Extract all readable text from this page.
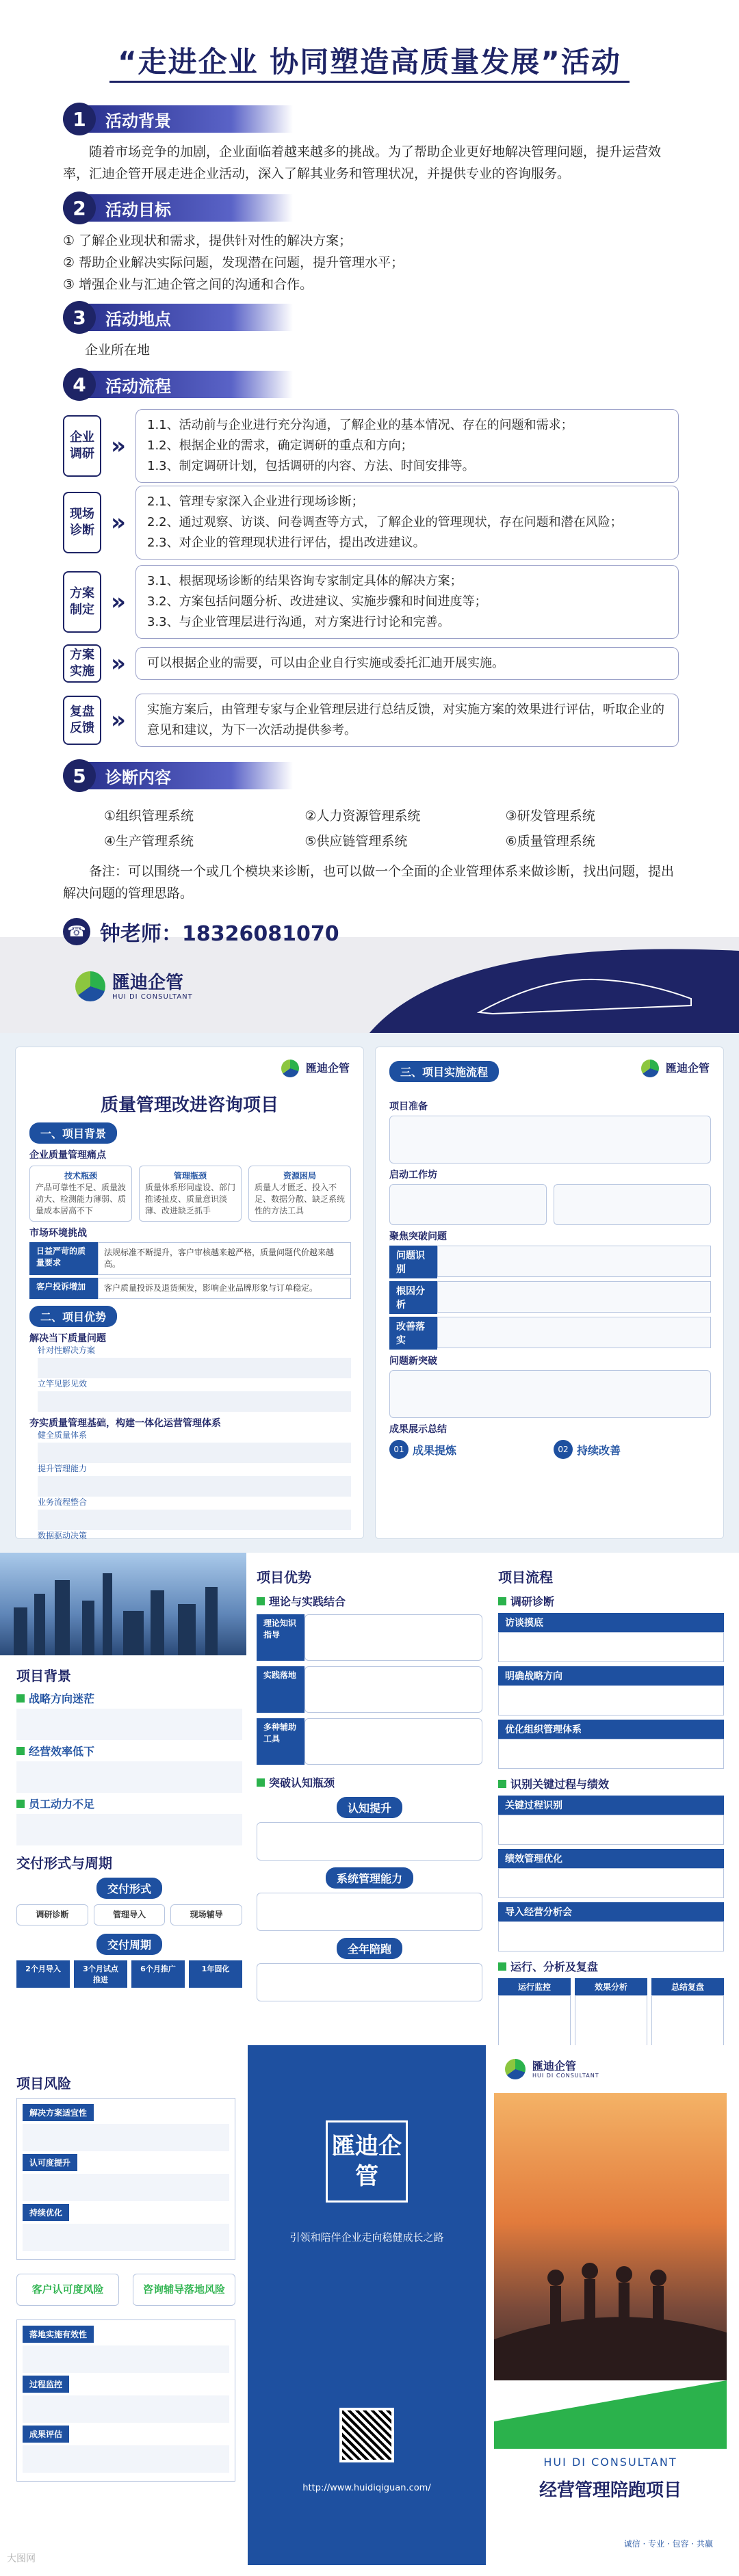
“走进企业 协同塑造高质量发展”活动
1	活动背景
随着市场竞争的加剧，企业面临着越来越多的挑战。为了帮助企业更好地解决管理问题，提升运营效率，汇迪企管开展走进企业活动，深入了解其业务和管理状况，并提供专业的咨询服务。
2	活动目标
① 了解企业现状和需求，提供针对性的解决方案；
② 帮助企业解决实际问题，发现潜在问题，提升管理水平；
③ 增强企业与汇迪企管之间的沟通和合作。
3	活动地点
企业所在地
4	活动流程
企业调研 »
1.1、活动前与企业进行充分沟通，了解企业的基本情况、存在的问题和需求；
1.2、根据企业的需求，确定调研的重点和方向；
1.3、制定调研计划，包括调研的内容、方法、时间安排等。
现场诊断 »
2.1、管理专家深入企业进行现场诊断；
2.2、通过观察、访谈、问卷调查等方式，了解企业的管理现状，存在问题和潜在风险；
2.3、对企业的管理现状进行评估，提出改进建议。
方案制定 »
3.1、根据现场诊断的结果咨询专家制定具体的解决方案；
3.2、方案包括问题分析、改进建议、实施步骤和时间进度等；
3.3、与企业管理层进行沟通，对方案进行讨论和完善。
方案实施 »	可以根据企业的需要，可以由企业自行实施或委托汇迪开展实施。
复盘反馈 »	实施方案后，由管理专家与企业管理层进行总结反馈，对实施方案的效果进行评估，听取企业的意见和建议，为下一次活动提供参考。
5	诊断内容
①组织管理系统	②人力资源管理系统	③研发管理系统
④生产管理系统	⑤供应链管理系统	⑥质量管理系统
备注：可以围绕一个或几个模块来诊断，也可以做一个全面的企业管理体系来做诊断，找出问题，提出解决问题的管理思路。
☎ 钟老师：18326081070
匯迪企管
HUI DI CONSULTANT
匯迪企管
质量管理改进咨询项目
一、项目背景
企业质量管理痛点
技术瓶颈
产品可靠性不足、质量波动大、检测能力薄弱、质量成本居高不下
管理瓶颈
质量体系形同虚设、部门推诿扯皮、质量意识淡薄、改进缺乏抓手
资源困局
质量人才匮乏、投入不足、数据分散、缺乏系统性的方法工具
市场环境挑战
日益严苛的质量要求
法规标准不断提升，客户审核越来越严格，质量问题代价越来越高。
客户投诉增加	客户质量投诉及退货频发，影响企业品牌形象与订单稳定。
二、项目优势
解决当下质量问题
针对性解决方案
立竿见影见效
夯实质量管理基础，构建一体化运营管理体系
健全质量体系
提升管理能力
业务流程整合
数据驱动决策
三、项目实施流程	匯迪企管
项目准备
启动工作坊
聚焦突破问题
问题识别
根因分析
改善落实
问题新突破
成果展示总结
01 成果提炼	02 持续改善
项目背景
战略方向迷茫
经营效率低下
员工动力不足
交付形式与周期
交付形式
调研诊断	管理导入	现场辅导
交付周期
2个月导入	3个月试点推进
6个月推广	1年固化
项目优势
理论与实践结合
理论知识指导
实践落地
多种辅助工具
突破认知瓶颈
认知提升
系统管理能力
全年陪跑
项目流程
调研诊断
访谈摸底
明确战略方向
优化组织管理体系
识别关键过程与绩效
关键过程识别
绩效管理优化
导入经营分析会
运行、分析及复盘
运行监控	效果分析	总结复盘
项目风险
解决方案适宜性
认可度提升
持续优化
客户认可度风险	咨询辅导落地风险
落地实施有效性
过程监控
成果评估
匯迪企管
引领和陪伴企业走向稳健成长之路
http://www.huidiqiguan.com/
匯迪企管
HUI DI CONSULTANT
HUI DI CONSULTANT
经营管理陪跑项目
诚信 · 专业 · 包容 · 共赢
大图网
